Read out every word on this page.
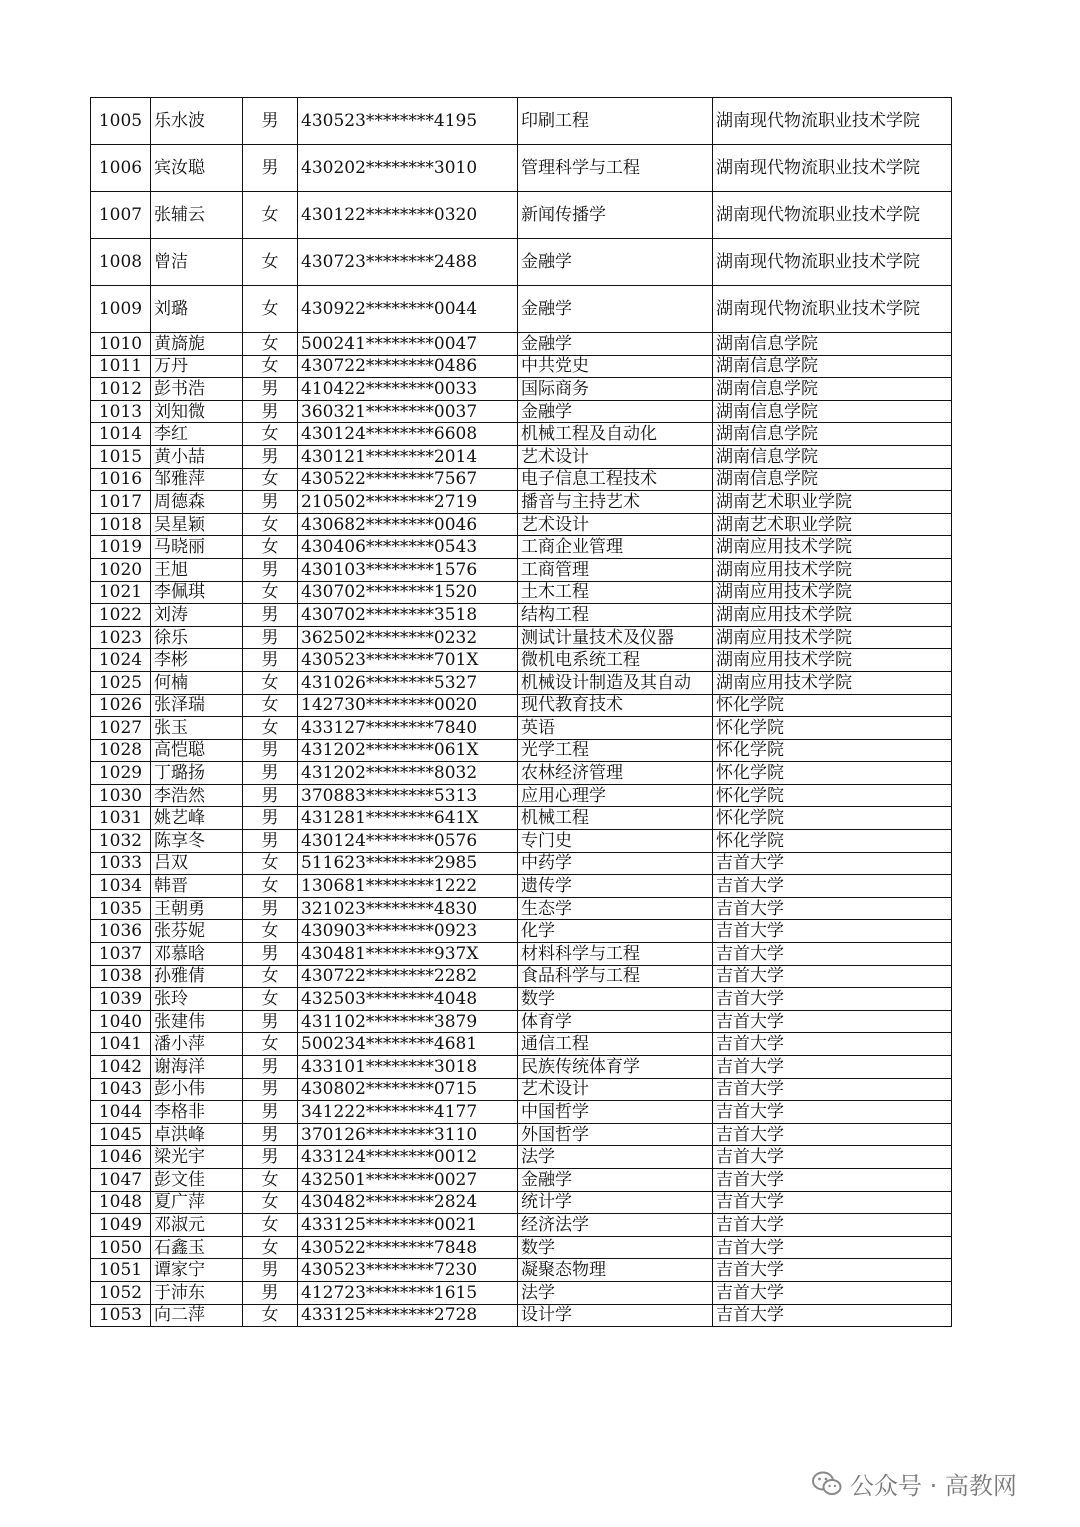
1005	乐水波	男	430523********4195	印刷工程	湖南现代物流职业技术学院
1006	宾汝聪	男	430202********3010	管理科学与工程	湖南现代物流职业技术学院
1007	张辅云	女	430122********0320	新闻传播学	湖南现代物流职业技术学院
1008	曾洁	女	430723********2488	金融学	湖南现代物流职业技术学院
1009	刘璐	女	430922********0044	金融学	湖南现代物流职业技术学院
1010	黄旖旎	女	500241********0047	金融学	湖南信息学院
1011	万丹	女	430722********0486	中共党史	湖南信息学院
1012	彭书浩	男	410422********0033	国际商务	湖南信息学院
1013	刘知微	男	360321********0037	金融学	湖南信息学院
1014	李红	女	430124********6608	机械工程及自动化	湖南信息学院
1015	黄小喆	男	430121********2014	艺术设计	湖南信息学院
1016	邹雅萍	女	430522********7567	电子信息工程技术	湖南信息学院
1017	周德森	男	210502********2719	播音与主持艺术	湖南艺术职业学院
1018	吴星颖	女	430682********0046	艺术设计	湖南艺术职业学院
1019	马晓丽	女	430406********0543	工商企业管理	湖南应用技术学院
1020	王旭	男	430103********1576	工商管理	湖南应用技术学院
1021	李佩琪	女	430702********1520	土木工程	湖南应用技术学院
1022	刘涛	男	430702********3518	结构工程	湖南应用技术学院
1023	徐乐	男	362502********0232	测试计量技术及仪器	湖南应用技术学院
1024	李彬	男	430523********701X	微机电系统工程	湖南应用技术学院
1025	何楠	女	431026********5327	机械设计制造及其自动	湖南应用技术学院
1026	张泽瑞	女	142730********0020	现代教育技术	怀化学院
1027	张玉	女	433127********7840	英语	怀化学院
1028	高恺聪	男	431202********061X	光学工程	怀化学院
1029	丁璐扬	男	431202********8032	农林经济管理	怀化学院
1030	李浩然	男	370883********5313	应用心理学	怀化学院
1031	姚艺峰	男	431281********641X	机械工程	怀化学院
1032	陈享冬	男	430124********0576	专门史	怀化学院
1033	吕双	女	511623********2985	中药学	吉首大学
1034	韩晋	女	130681********1222	遗传学	吉首大学
1035	王朝勇	男	321023********4830	生态学	吉首大学
1036	张芬妮	女	430903********0923	化学	吉首大学
1037	邓慕晗	男	430481********937X	材料科学与工程	吉首大学
1038	孙雅倩	女	430722********2282	食品科学与工程	吉首大学
1039	张玲	女	432503********4048	数学	吉首大学
1040	张建伟	男	431102********3879	体育学	吉首大学
1041	潘小萍	女	500234********4681	通信工程	吉首大学
1042	谢海洋	男	433101********3018	民族传统体育学	吉首大学
1043	彭小伟	男	430802********0715	艺术设计	吉首大学
1044	李格非	男	341222********4177	中国哲学	吉首大学
1045	卓洪峰	男	370126********3110	外国哲学	吉首大学
1046	梁光宇	男	433124********0012	法学	吉首大学
1047	彭文佳	女	432501********0027	金融学	吉首大学
1048	夏广萍	女	430482********2824	统计学	吉首大学
1049	邓淑元	女	433125********0021	经济法学	吉首大学
1050	石鑫玉	女	430522********7848	数学	吉首大学
1051	谭家宁	男	430523********7230	凝聚态物理	吉首大学
1052	于沛东	男	412723********1615	法学	吉首大学
1053	向二萍	女	433125********2728	设计学	吉首大学
公众号 · 高教网
